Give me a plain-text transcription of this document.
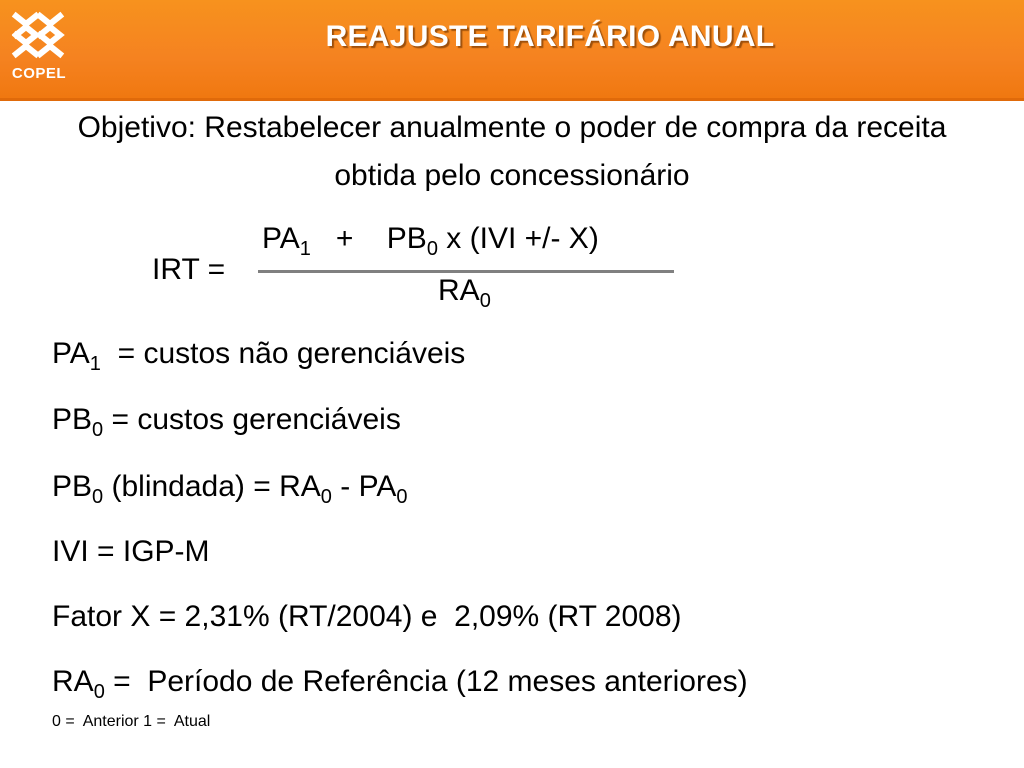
COPEL
REAJUSTE TARIFÁRIO ANUAL
Objetivo: Restabelecer anualmente o poder de compra da receita
obtida pelo concessionário
IRT =
$PA_1$   +    $PB_0$ x (IVI +/- X)
$RA_0$
$PA_1$  = custos não gerenciáveis
$PB_0$ = custos gerenciáveis
$PB_0$ (blindada) = $RA_0 - PA_0$
IVI = IGP-M
Fator X = 2,31% (RT/2004) e  2,09% (RT 2008)
$RA_0$ =  Período de Referência (12 meses anteriores)
0 =  Anterior 1 =  Atual
